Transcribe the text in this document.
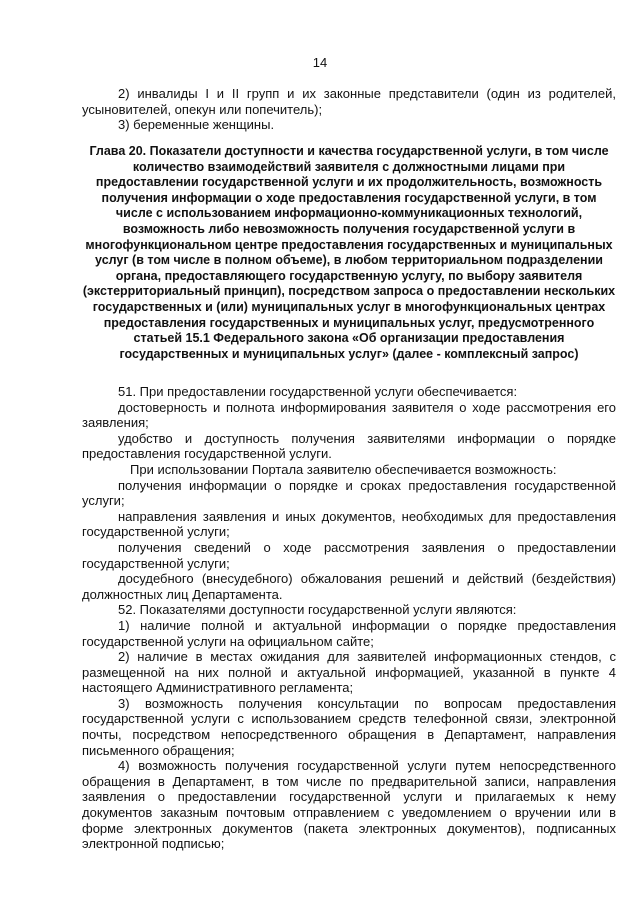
14

2) инвалиды I и II групп и их законные представители (один из родителей, усыновителей, опекун или попечитель);

3) беременные женщины.

Глава 20. Показатели доступности и качества государственной услуги, в том числе количество взаимодействий заявителя с должностными лицами при предоставлении государственной услуги и их продолжительность, возможность получения информации о ходе предоставления государственной услуги, в том числе с использованием информационно-коммуникационных технологий, возможность либо невозможность получения государственной услуги в многофункциональном центре предоставления государственных и муниципальных услуг (в том числе в полном объеме), в любом территориальном подразделении органа, предоставляющего государственную услугу, по выбору заявителя (экстерриториальный принцип), посредством запроса о предоставлении нескольких государственных и (или) муниципальных услуг в многофункциональных центрах предоставления государственных и муниципальных услуг, предусмотренного статьей 15.1 Федерального закона «Об организации предоставления государственных и муниципальных услуг» (далее - комплексный запрос)

51. При предоставлении государственной услуги обеспечивается:

достоверность и полнота информирования заявителя о ходе рассмотрения его заявления;

удобство и доступность получения заявителями информации о порядке предоставления государственной услуги.

При использовании Портала заявителю обеспечивается возможность:

получения информации о порядке и сроках предоставления государственной услуги;

направления заявления и иных документов, необходимых для предоставления государственной услуги;

получения сведений о ходе рассмотрения заявления о предоставлении государственной услуги;

досудебного (внесудебного) обжалования решений и действий (бездействия) должностных лиц Департамента.

52. Показателями доступности государственной услуги являются:

1) наличие полной и актуальной информации о порядке предоставления государственной услуги на официальном сайте;

2) наличие в местах ожидания для заявителей информационных стендов, с размещенной на них полной и актуальной информацией, указанной в пункте 4 настоящего Административного регламента;

3) возможность получения консультации по вопросам предоставления государственной услуги с использованием средств телефонной связи, электронной почты, посредством непосредственного обращения в Департамент, направления письменного обращения;

4) возможность получения государственной услуги путем непосредственного обращения в Департамент, в том числе по предварительной записи, направления заявления о предоставлении государственной услуги и прилагаемых к нему документов заказным почтовым отправлением с уведомлением о вручении или в форме электронных документов (пакета электронных документов), подписанных электронной подписью;
